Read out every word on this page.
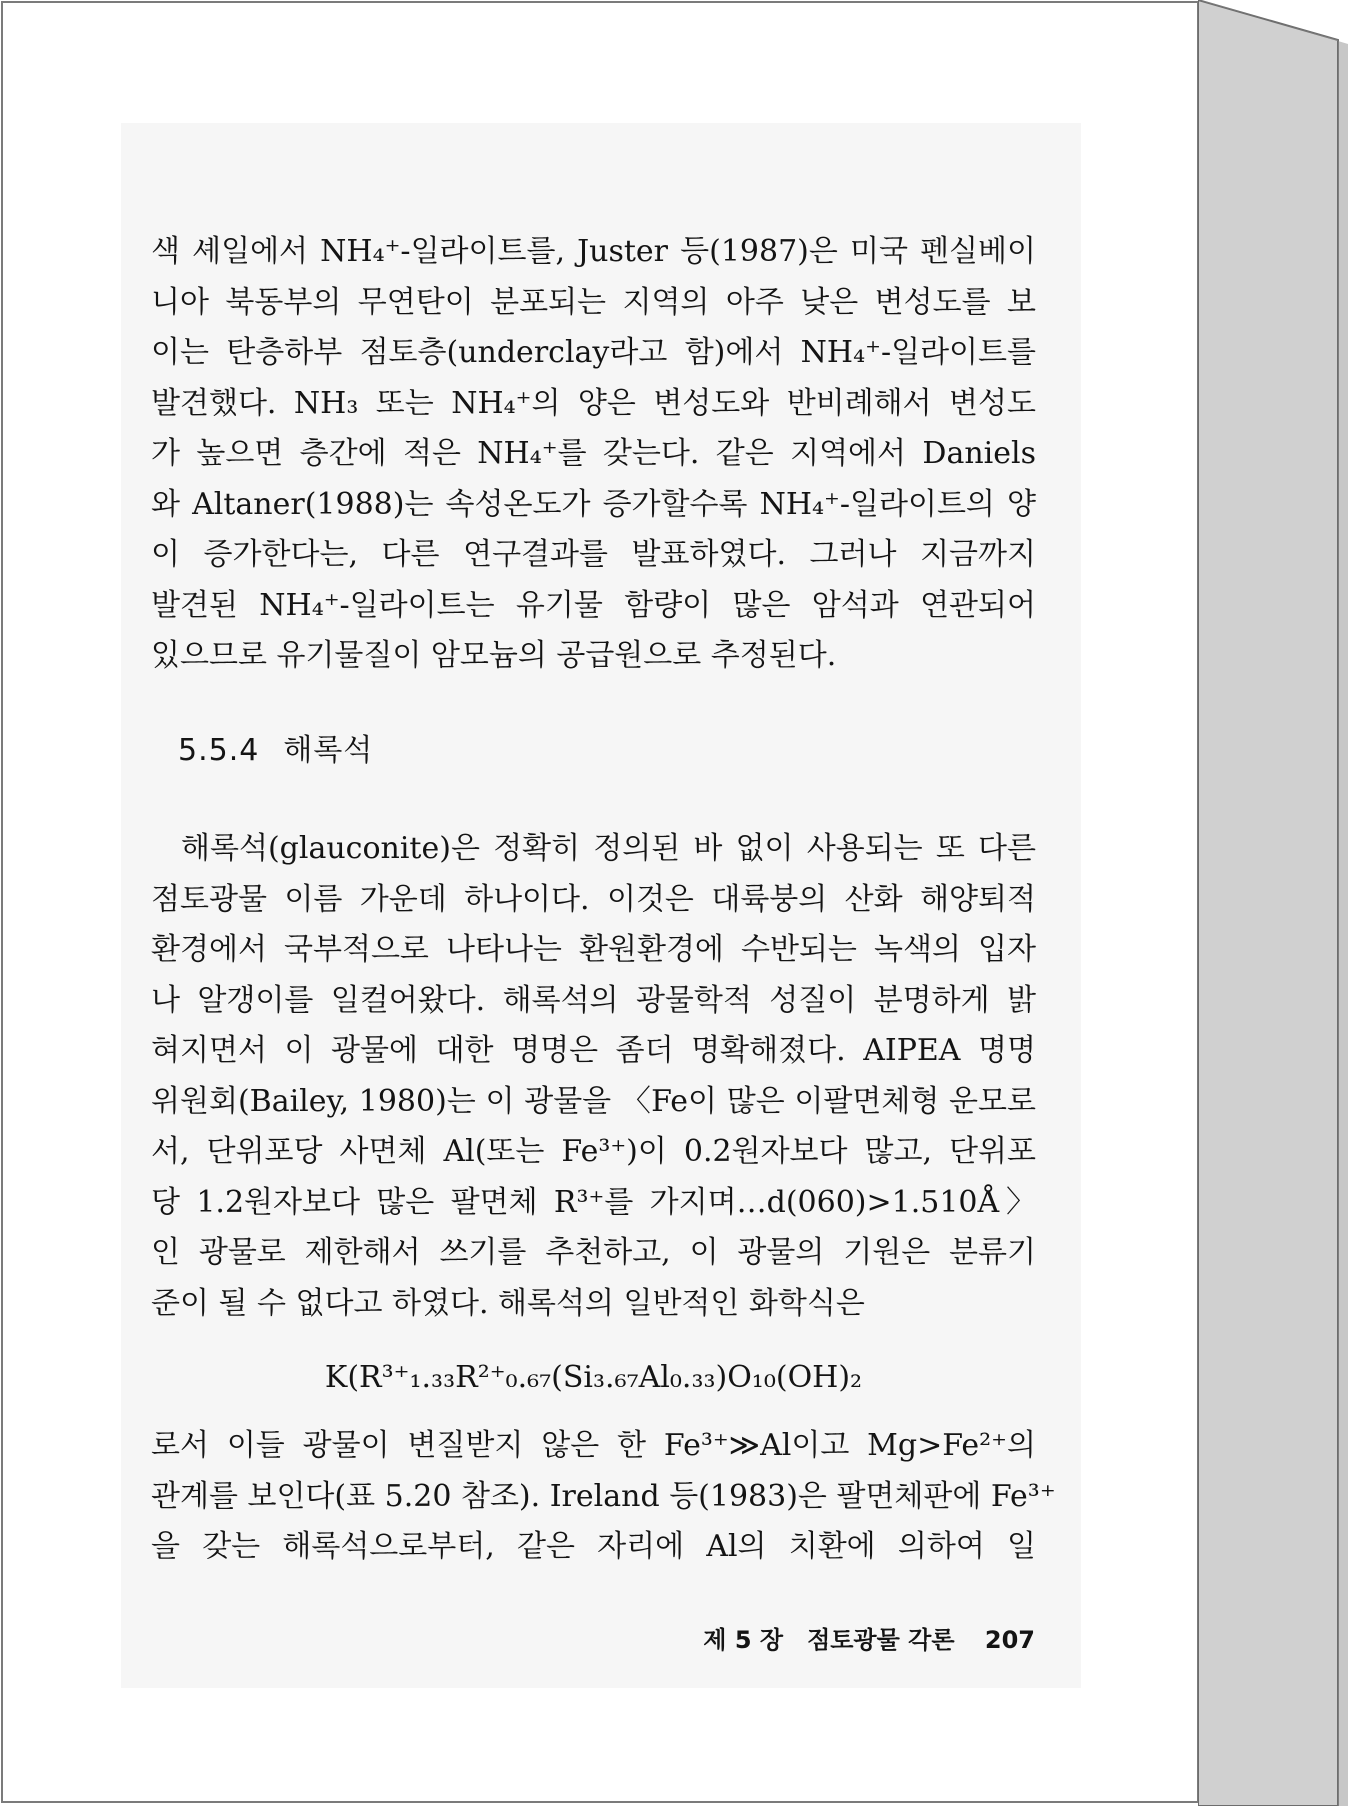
색 셰일에서 NH₄⁺-일라이트를, Juster 등(1987)은 미국 펜실베이
니아 북동부의 무연탄이 분포되는 지역의 아주 낮은 변성도를 보
이는 탄층하부 점토층(underclay라고 함)에서 NH₄⁺-일라이트를
발견했다. NH₃ 또는 NH₄⁺의 양은 변성도와 반비례해서 변성도
가 높으면 층간에 적은 NH₄⁺를 갖는다. 같은 지역에서 Daniels
와 Altaner(1988)는 속성온도가 증가할수록 NH₄⁺-일라이트의 양
이 증가한다는, 다른 연구결과를 발표하였다. 그러나 지금까지
발견된 NH₄⁺-일라이트는 유기물 함량이 많은 암석과 연관되어
있으므로 유기물질이 암모늄의 공급원으로 추정된다.
5.5.4 해록석
해록석(glauconite)은 정확히 정의된 바 없이 사용되는 또 다른
점토광물 이름 가운데 하나이다. 이것은 대륙붕의 산화 해양퇴적
환경에서 국부적으로 나타나는 환원환경에 수반되는 녹색의 입자
나 알갱이를 일컬어왔다. 해록석의 광물학적 성질이 분명하게 밝
혀지면서 이 광물에 대한 명명은 좀더 명확해졌다. AIPEA 명명
위원회(Bailey, 1980)는 이 광물을 〈Fe이 많은 이팔면체형 운모로
서, 단위포당 사면체 Al(또는 Fe³⁺)이 0.2원자보다 많고, 단위포
당 1.2원자보다 많은 팔면체 R³⁺를 가지며…d(060)>1.510Å〉
인 광물로 제한해서 쓰기를 추천하고, 이 광물의 기원은 분류기
준이 될 수 없다고 하였다. 해록석의 일반적인 화학식은
K(R³⁺₁.₃₃R²⁺₀.₆₇(Si₃.₆₇Al₀.₃₃)O₁₀(OH)₂
로서 이들 광물이 변질받지 않은 한 Fe³⁺≫Al이고 Mg>Fe²⁺의
관계를 보인다(표 5.20 참조). Ireland 등(1983)은 팔면체판에 Fe³⁺
을 갖는 해록석으로부터, 같은 자리에 Al의 치환에 의하여 일
제 5 장 점토광물 각론 207
